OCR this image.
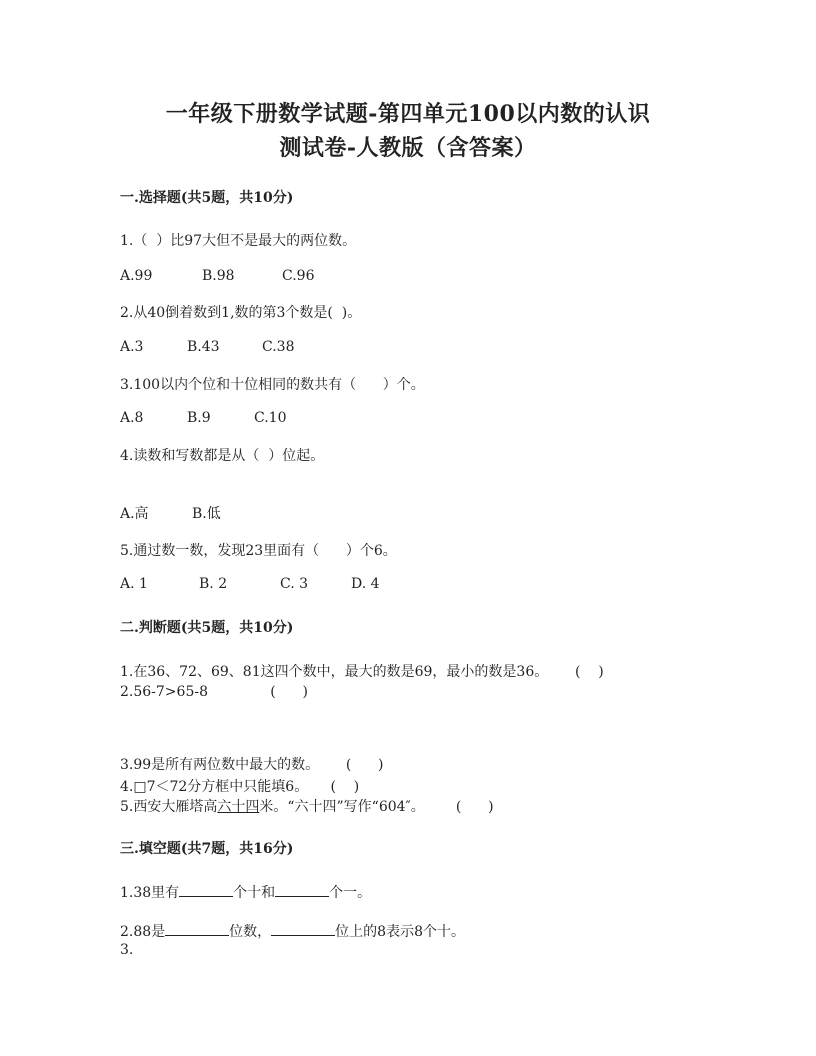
一年级下册数学试题-第四单元100以内数的认识
测试卷-人教版（含答案）

一.选择题(共5题，共10分)

1.（  ）比97大但不是最大的两位数。

A.99	B.98	C.96

2.从40倒着数到1,数的第3个数是(  )。

A.3	B.43	C.38

3.100以内个位和十位相同的数共有（      ）个。

A.8	B.9	C.10

4.读数和写数都是从（  ）位起。

A.高	B.低

5.通过数一数，发现23里面有（      ）个6。

A. 1	B. 2	C. 3	D. 4

二.判断题(共5题，共10分)

1.在36、72、69、81这四个数中，最大的数是69，最小的数是36。      (    )

2.56-7>65-8              (      )

3.99是所有两位数中最大的数。      (      )

4.□7＜72分方框中只能填6。     (    )

5.西安大雁塔高六十四米。“六十四”写作“604″。       (      )

三.填空题(共7题，共16分)

1.38里有	个十和	个一。

2.88是	位数，	位上的8表示8个十。

3.
